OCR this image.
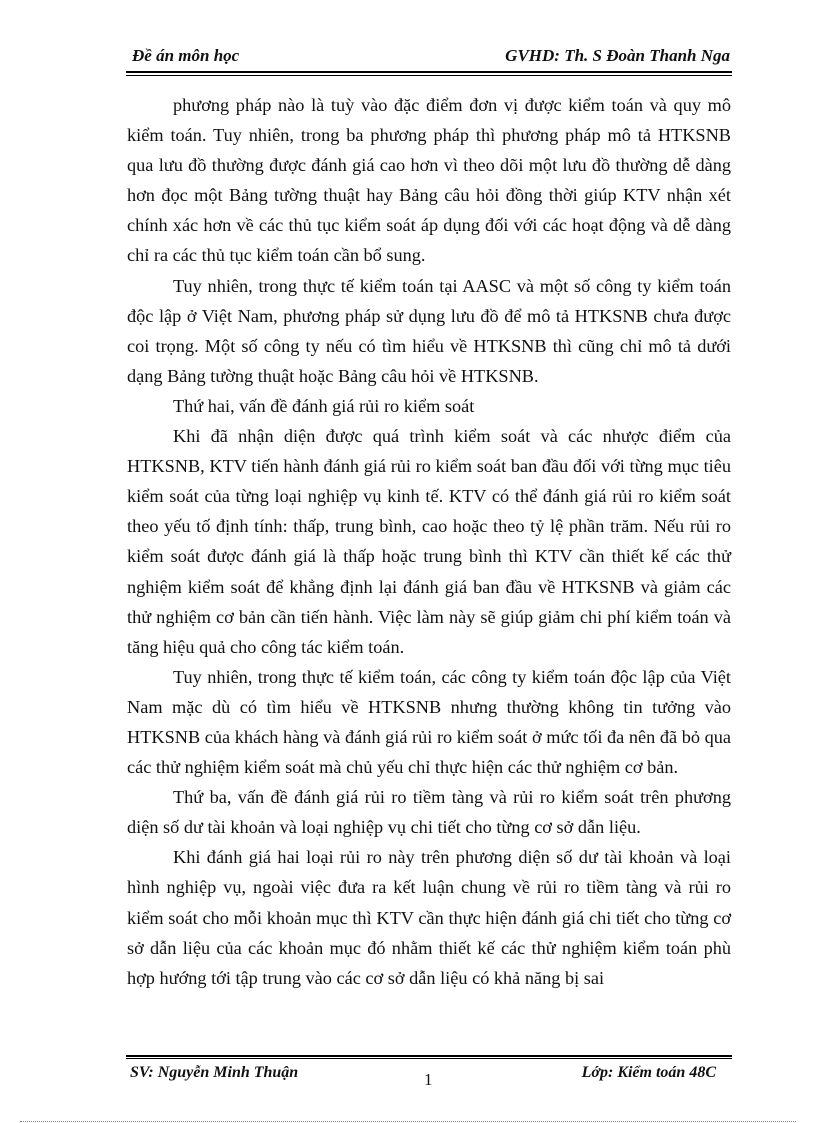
Đề án môn học	GVHD: Th. S Đoàn Thanh Nga

phương pháp nào là tuỳ vào đặc điểm đơn vị được kiểm toán và quy mô kiểm toán. Tuy nhiên, trong ba phương pháp thì phương pháp mô tả HTKSNB qua lưu đồ thường được đánh giá cao hơn vì theo dõi một lưu đồ thường dễ dàng hơn đọc một Bảng tường thuật hay Bảng câu hỏi đồng thời giúp KTV nhận xét chính xác hơn về các thủ tục kiểm soát áp dụng đối với các hoạt động và dễ dàng chỉ ra các thủ tục kiểm toán cần bổ sung.

Tuy nhiên, trong thực tế kiểm toán tại AASC và một số công ty kiểm toán độc lập ở Việt Nam, phương pháp sử dụng lưu đồ để mô tả HTKSNB chưa được coi trọng. Một số công ty nếu có tìm hiểu về HTKSNB thì cũng chỉ mô tả dưới dạng Bảng tường thuật hoặc Bảng câu hỏi về HTKSNB.

Thứ hai, vấn đề đánh giá rủi ro kiểm soát

Khi đã nhận diện được quá trình kiểm soát và các nhược điểm của HTKSNB, KTV tiến hành đánh giá rủi ro kiểm soát ban đầu đối với từng mục tiêu kiểm soát của từng loại nghiệp vụ kinh tế. KTV có thể đánh giá rủi ro kiểm soát theo yếu tố định tính: thấp, trung bình, cao hoặc theo tỷ lệ phần trăm. Nếu rủi ro kiểm soát được đánh giá là thấp hoặc trung bình thì KTV cần thiết kế các thử nghiệm kiểm soát để khẳng định lại đánh giá ban đầu về HTKSNB và giảm các thử nghiệm cơ bản cần tiến hành. Việc làm này sẽ giúp giảm chi phí kiểm toán và tăng hiệu quả cho công tác kiểm toán.

Tuy nhiên, trong thực tế kiểm toán, các công ty kiểm toán độc lập của Việt Nam mặc dù có tìm hiểu về HTKSNB nhưng thường không tin tưởng vào HTKSNB của khách hàng và đánh giá rủi ro kiểm soát ở mức tối đa nên đã bỏ qua các thử nghiệm kiểm soát mà chủ yếu chỉ thực hiện các thử nghiệm cơ bản.

Thứ ba, vấn đề đánh giá rủi ro tiềm tàng và rủi ro kiểm soát trên phương diện số dư tài khoản và loại nghiệp vụ chi tiết cho từng cơ sở dẫn liệu.

Khi đánh giá hai loại rủi ro này trên phương diện số dư tài khoản và loại hình nghiệp vụ, ngoài việc đưa ra kết luận chung về rủi ro tiềm tàng và rủi ro kiểm soát cho mỗi khoản mục thì KTV cần thực hiện đánh giá chi tiết cho từng cơ sở dẫn liệu của các khoản mục đó nhằm thiết kế các thử nghiệm kiểm toán phù hợp hướng tới tập trung vào các cơ sở dẫn liệu có khả năng bị sai

SV: Nguyễn Minh Thuận	1	Lớp: Kiểm toán 48C
